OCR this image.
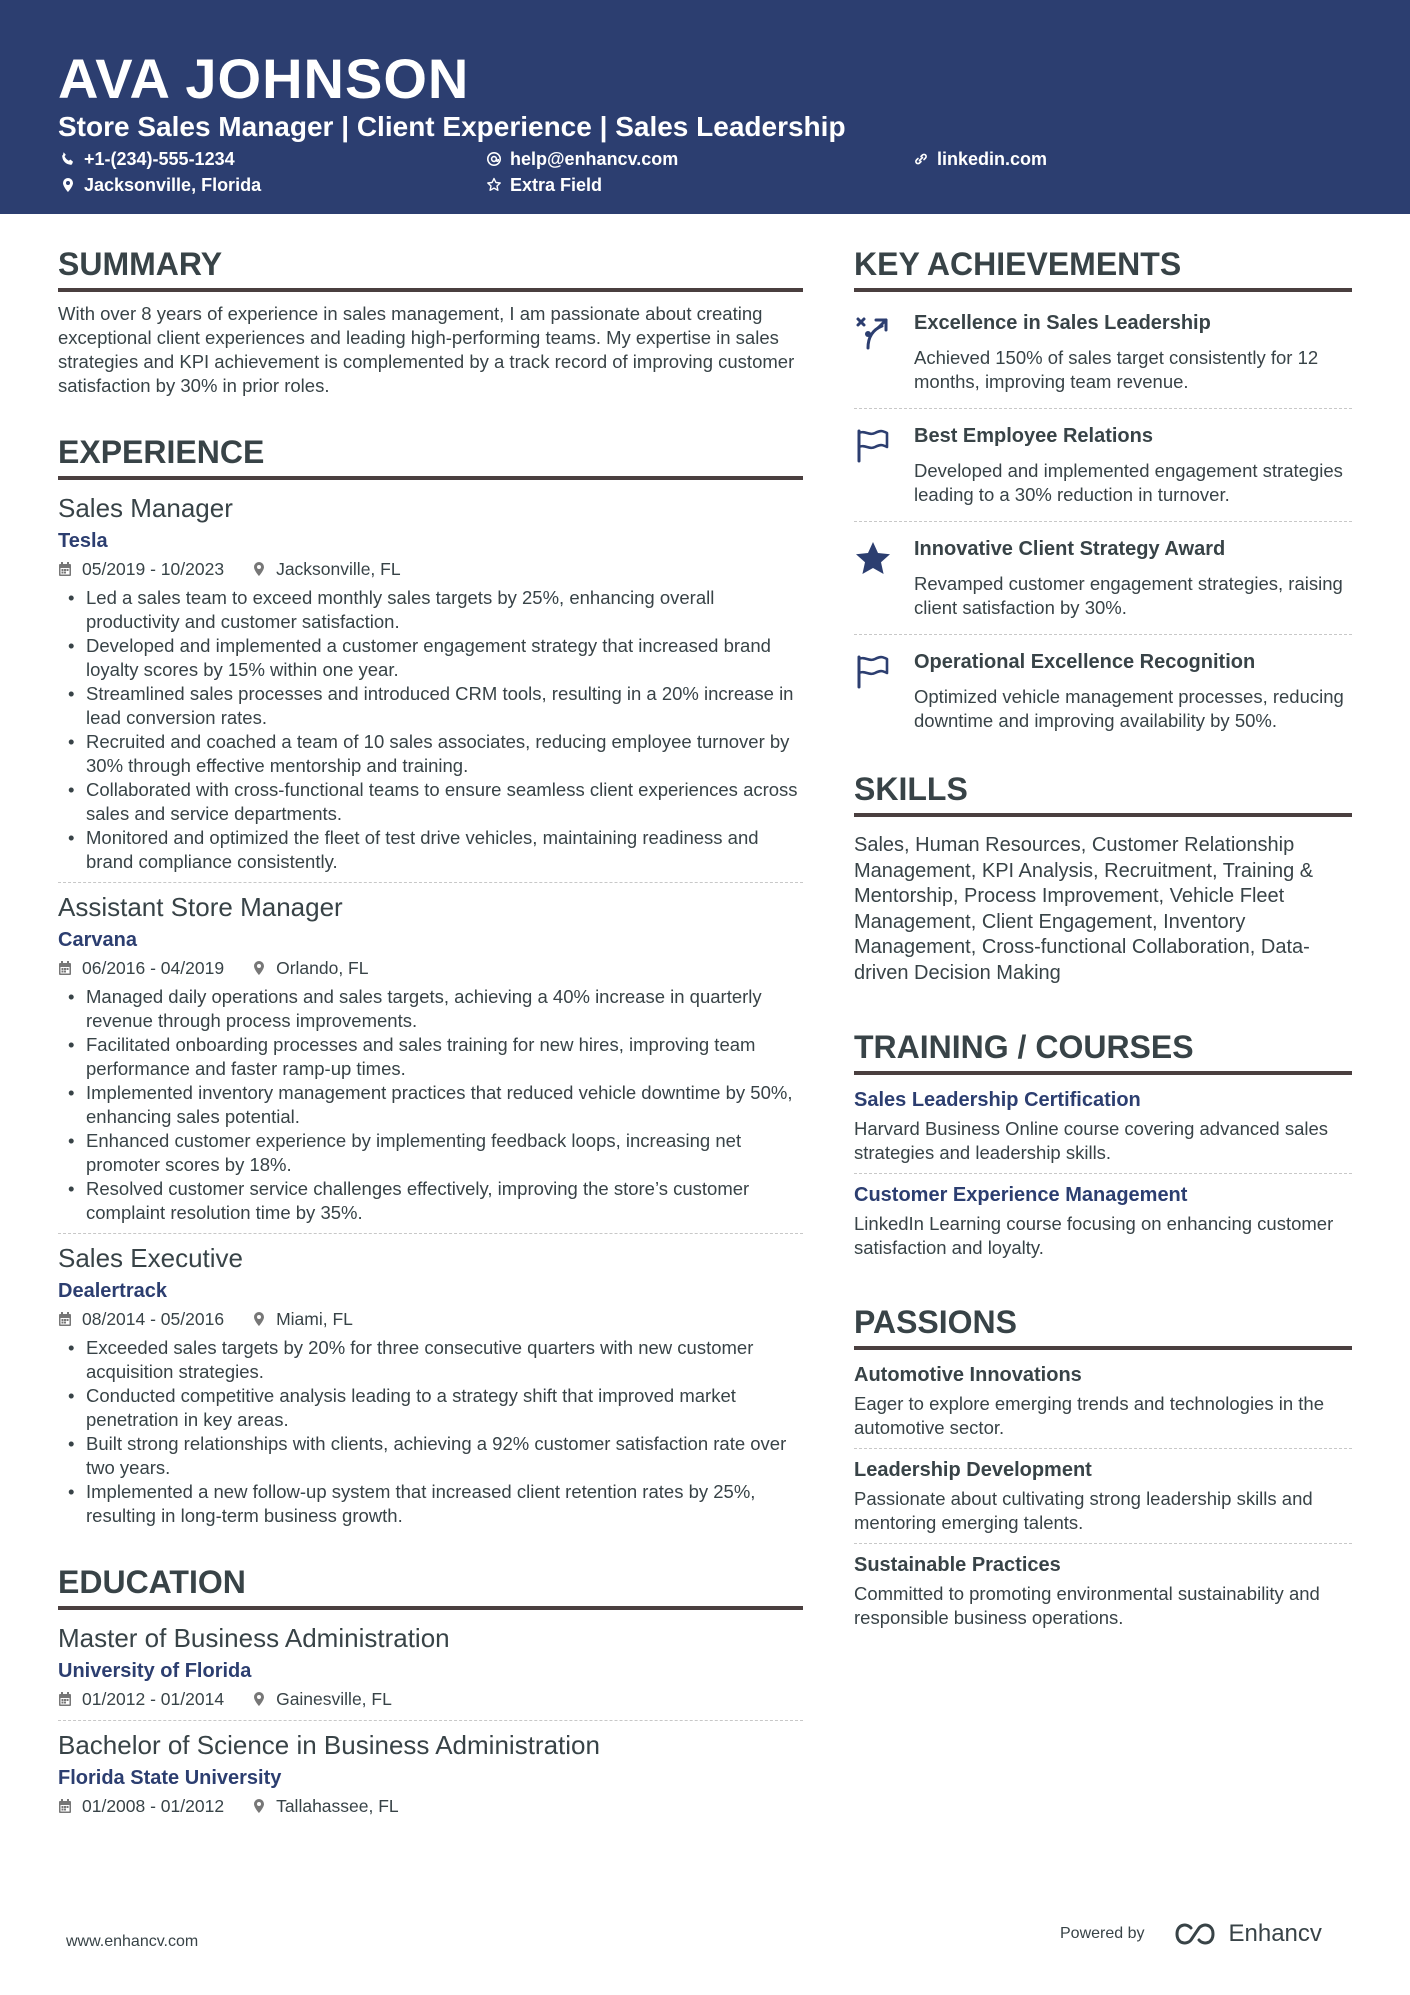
AVA JOHNSON
Store Sales Manager | Client Experience | Sales Leadership
+1-(234)-555-1234	help@enhancv.com	linkedin.com
Jacksonville, Florida	Extra Field
SUMMARY
With over 8 years of experience in sales management, I am passionate about creating exceptional client experiences and leading high-performing teams. My expertise in sales strategies and KPI achievement is complemented by a track record of improving customer satisfaction by 30% in prior roles.
EXPERIENCE
Sales Manager
Tesla
05/2019 - 10/2023	Jacksonville, FL
• Led a sales team to exceed monthly sales targets by 25%, enhancing overall productivity and customer satisfaction.
• Developed and implemented a customer engagement strategy that increased brand loyalty scores by 15% within one year.
• Streamlined sales processes and introduced CRM tools, resulting in a 20% increase in lead conversion rates.
• Recruited and coached a team of 10 sales associates, reducing employee turnover by 30% through effective mentorship and training.
• Collaborated with cross-functional teams to ensure seamless client experiences across sales and service departments.
• Monitored and optimized the fleet of test drive vehicles, maintaining readiness and brand compliance consistently.
Assistant Store Manager
Carvana
06/2016 - 04/2019	Orlando, FL
• Managed daily operations and sales targets, achieving a 40% increase in quarterly revenue through process improvements.
• Facilitated onboarding processes and sales training for new hires, improving team performance and faster ramp-up times.
• Implemented inventory management practices that reduced vehicle downtime by 50%, enhancing sales potential.
• Enhanced customer experience by implementing feedback loops, increasing net promoter scores by 18%.
• Resolved customer service challenges effectively, improving the store’s customer complaint resolution time by 35%.
Sales Executive
Dealertrack
08/2014 - 05/2016	Miami, FL
• Exceeded sales targets by 20% for three consecutive quarters with new customer acquisition strategies.
• Conducted competitive analysis leading to a strategy shift that improved market penetration in key areas.
• Built strong relationships with clients, achieving a 92% customer satisfaction rate over two years.
• Implemented a new follow-up system that increased client retention rates by 25%, resulting in long-term business growth.
EDUCATION
Master of Business Administration
University of Florida
01/2012 - 01/2014	Gainesville, FL
Bachelor of Science in Business Administration
Florida State University
01/2008 - 01/2012	Tallahassee, FL
KEY ACHIEVEMENTS
Excellence in Sales Leadership
Achieved 150% of sales target consistently for 12 months, improving team revenue.
Best Employee Relations
Developed and implemented engagement strategies leading to a 30% reduction in turnover.
Innovative Client Strategy Award
Revamped customer engagement strategies, raising client satisfaction by 30%.
Operational Excellence Recognition
Optimized vehicle management processes, reducing downtime and improving availability by 50%.
SKILLS
Sales, Human Resources, Customer Relationship Management, KPI Analysis, Recruitment, Training & Mentorship, Process Improvement, Vehicle Fleet Management, Client Engagement, Inventory Management, Cross-functional Collaboration, Data-driven Decision Making
TRAINING / COURSES
Sales Leadership Certification
Harvard Business Online course covering advanced sales strategies and leadership skills.
Customer Experience Management
LinkedIn Learning course focusing on enhancing customer satisfaction and loyalty.
PASSIONS
Automotive Innovations
Eager to explore emerging trends and technologies in the automotive sector.
Leadership Development
Passionate about cultivating strong leadership skills and mentoring emerging talents.
Sustainable Practices
Committed to promoting environmental sustainability and responsible business operations.
www.enhancv.com	Powered by	Enhancv
